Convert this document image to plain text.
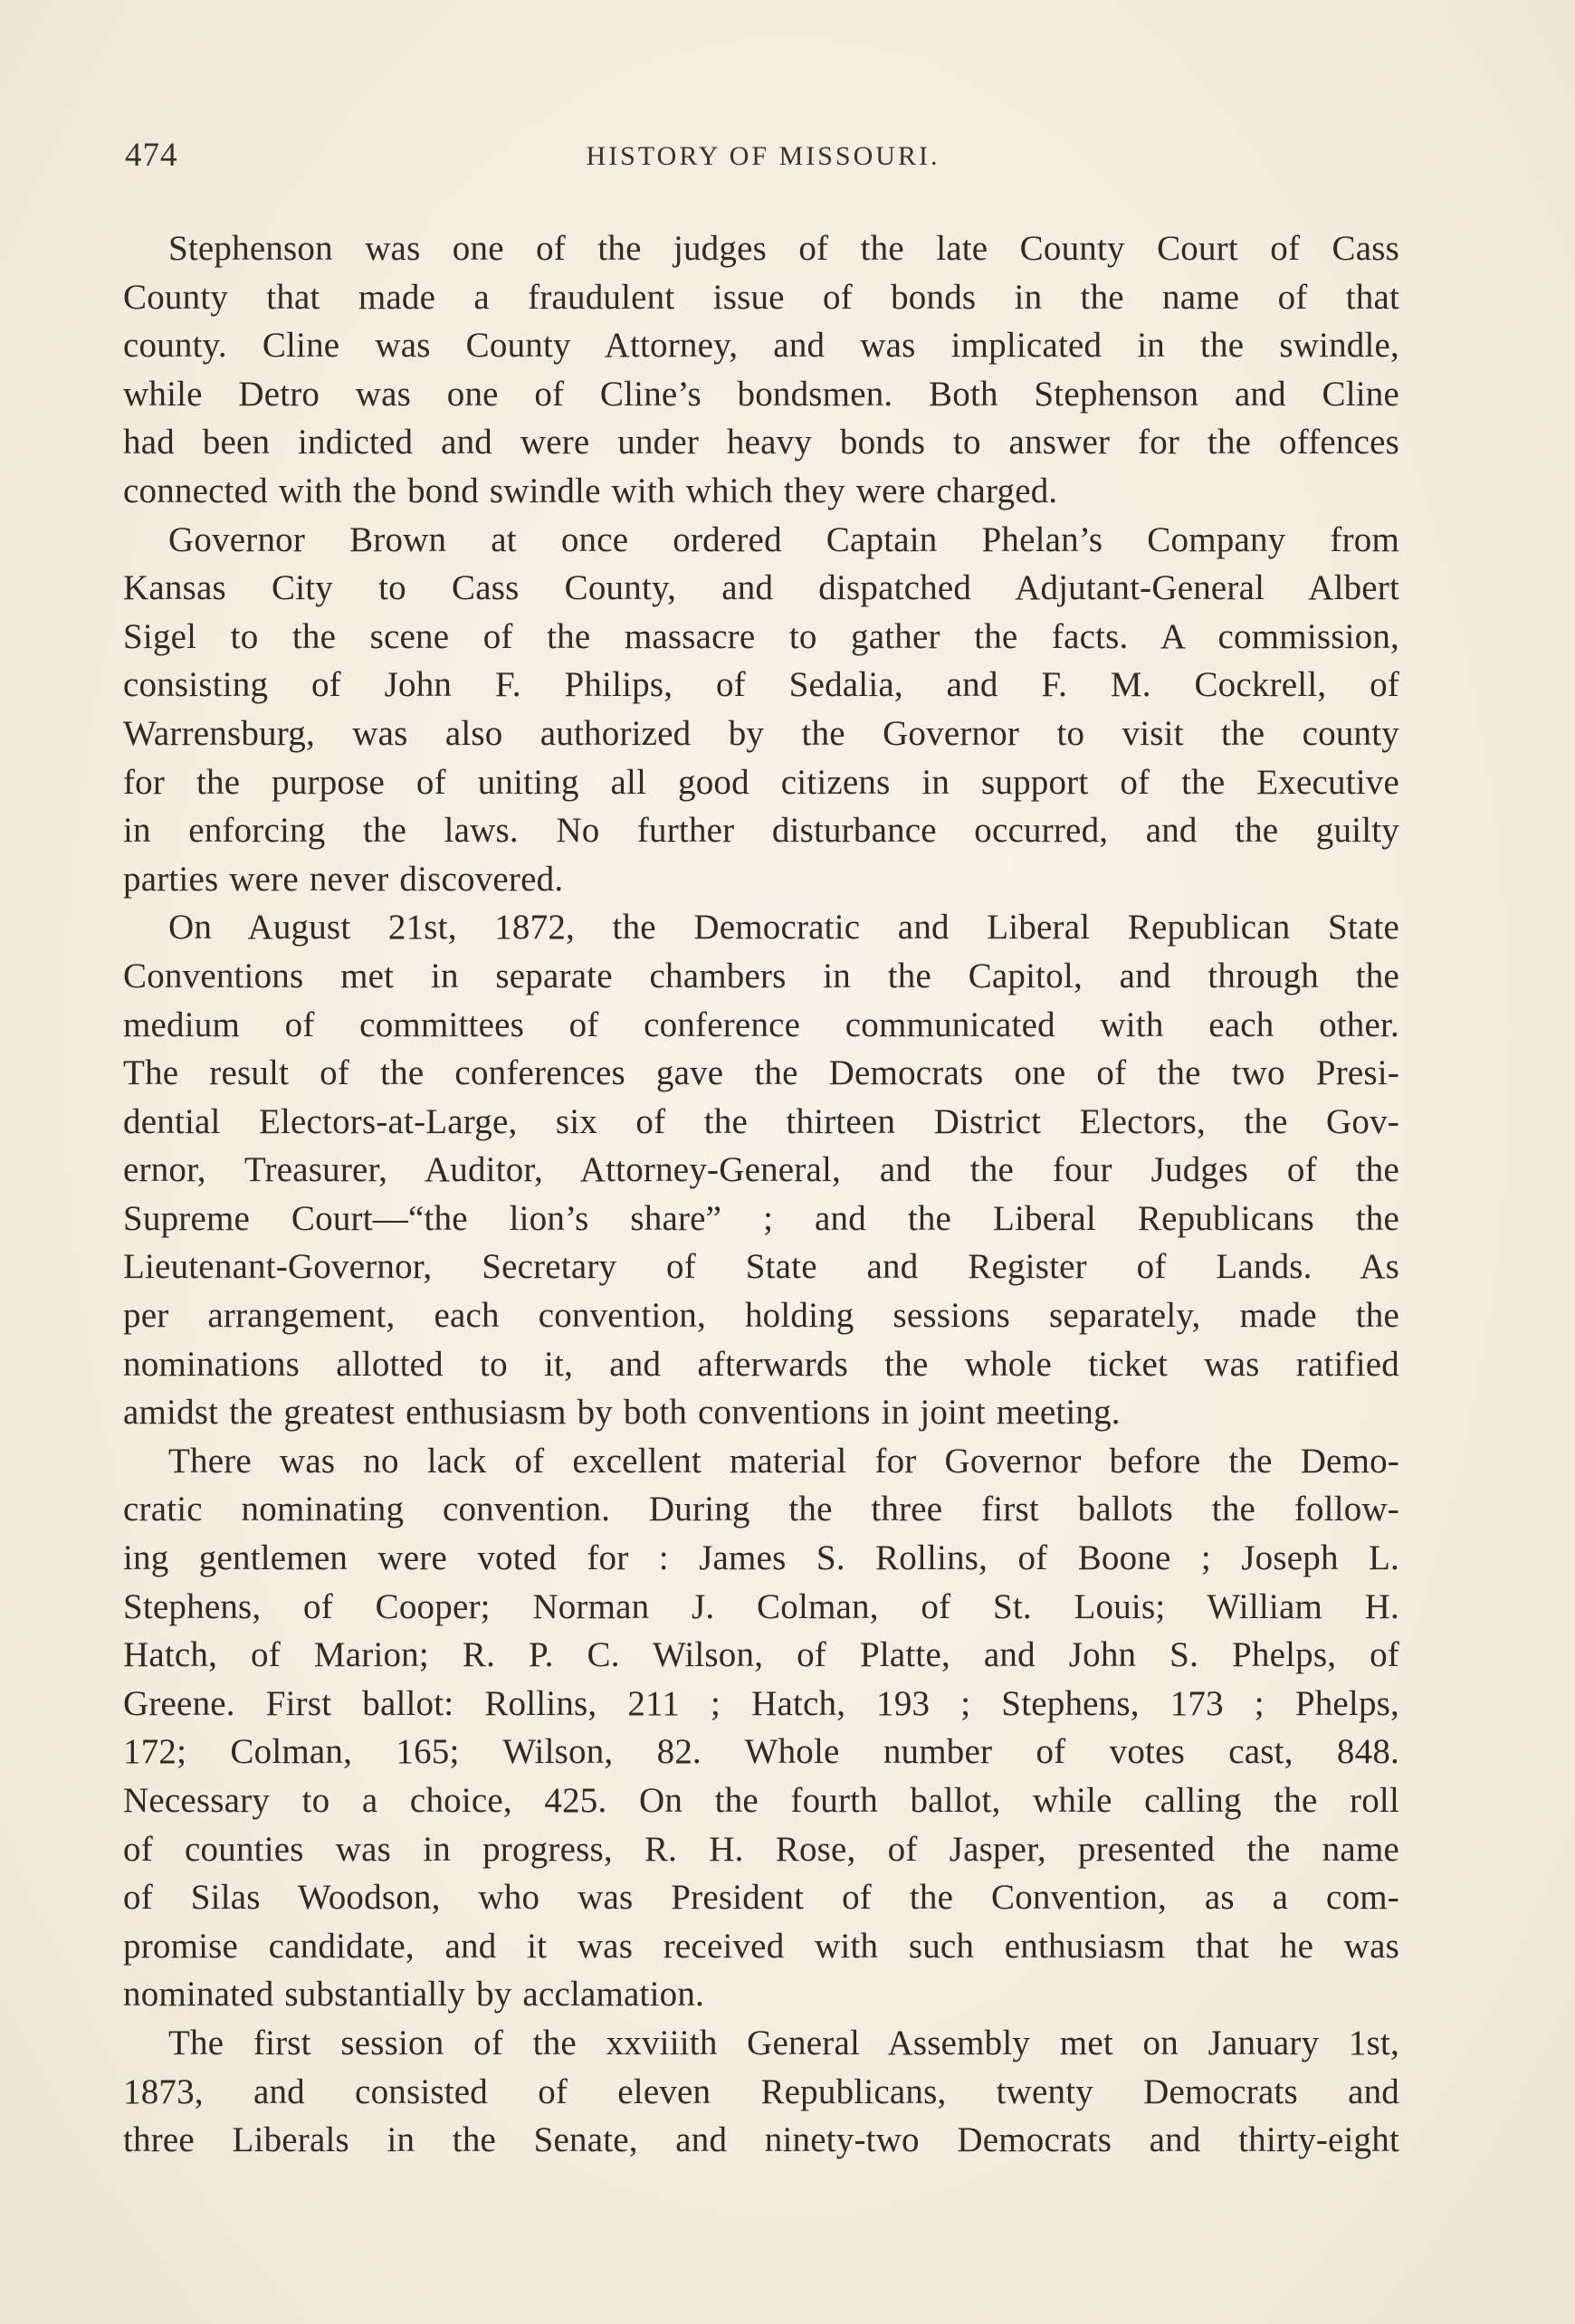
474	HISTORY OF MISSOURI.

Stephenson was one of the judges of the late County Court of Cass
County that made a fraudulent issue of bonds in the name of that
county. Cline was County Attorney, and was implicated in the swindle,
while Detro was one of Cline’s bondsmen. Both Stephenson and Cline
had been indicted and were under heavy bonds to answer for the offences
connected with the bond swindle with which they were charged.

Governor Brown at once ordered Captain Phelan’s Company from
Kansas City to Cass County, and dispatched Adjutant-General Albert
Sigel to the scene of the massacre to gather the facts. A commission,
consisting of John F. Philips, of Sedalia, and F. M. Cockrell, of
Warrensburg, was also authorized by the Governor to visit the county
for the purpose of uniting all good citizens in support of the Executive
in enforcing the laws. No further disturbance occurred, and the guilty
parties were never discovered.

On August 21st, 1872, the Democratic and Liberal Republican State
Conventions met in separate chambers in the Capitol, and through the
medium of committees of conference communicated with each other.
The result of the conferences gave the Democrats one of the two Presi-
dential Electors-at-Large, six of the thirteen District Electors, the Gov-
ernor, Treasurer, Auditor, Attorney-General, and the four Judges of the
Supreme Court—“the lion’s share” ; and the Liberal Republicans the
Lieutenant-Governor, Secretary of State and Register of Lands. As
per arrangement, each convention, holding sessions separately, made the
nominations allotted to it, and afterwards the whole ticket was ratified
amidst the greatest enthusiasm by both conventions in joint meeting.

There was no lack of excellent material for Governor before the Demo-
cratic nominating convention. During the three first ballots the follow-
ing gentlemen were voted for : James S. Rollins, of Boone ; Joseph L.
Stephens, of Cooper; Norman J. Colman, of St. Louis; William H.
Hatch, of Marion; R. P. C. Wilson, of Platte, and John S. Phelps, of
Greene. First ballot: Rollins, 211 ; Hatch, 193 ; Stephens, 173 ; Phelps,
172; Colman, 165; Wilson, 82. Whole number of votes cast, 848.
Necessary to a choice, 425. On the fourth ballot, while calling the roll
of counties was in progress, R. H. Rose, of Jasper, presented the name
of Silas Woodson, who was President of the Convention, as a com-
promise candidate, and it was received with such enthusiasm that he was
nominated substantially by acclamation.

The first session of the xxviiith General Assembly met on January 1st,
1873, and consisted of eleven Republicans, twenty Democrats and
three Liberals in the Senate, and ninety-two Democrats and thirty-eight
